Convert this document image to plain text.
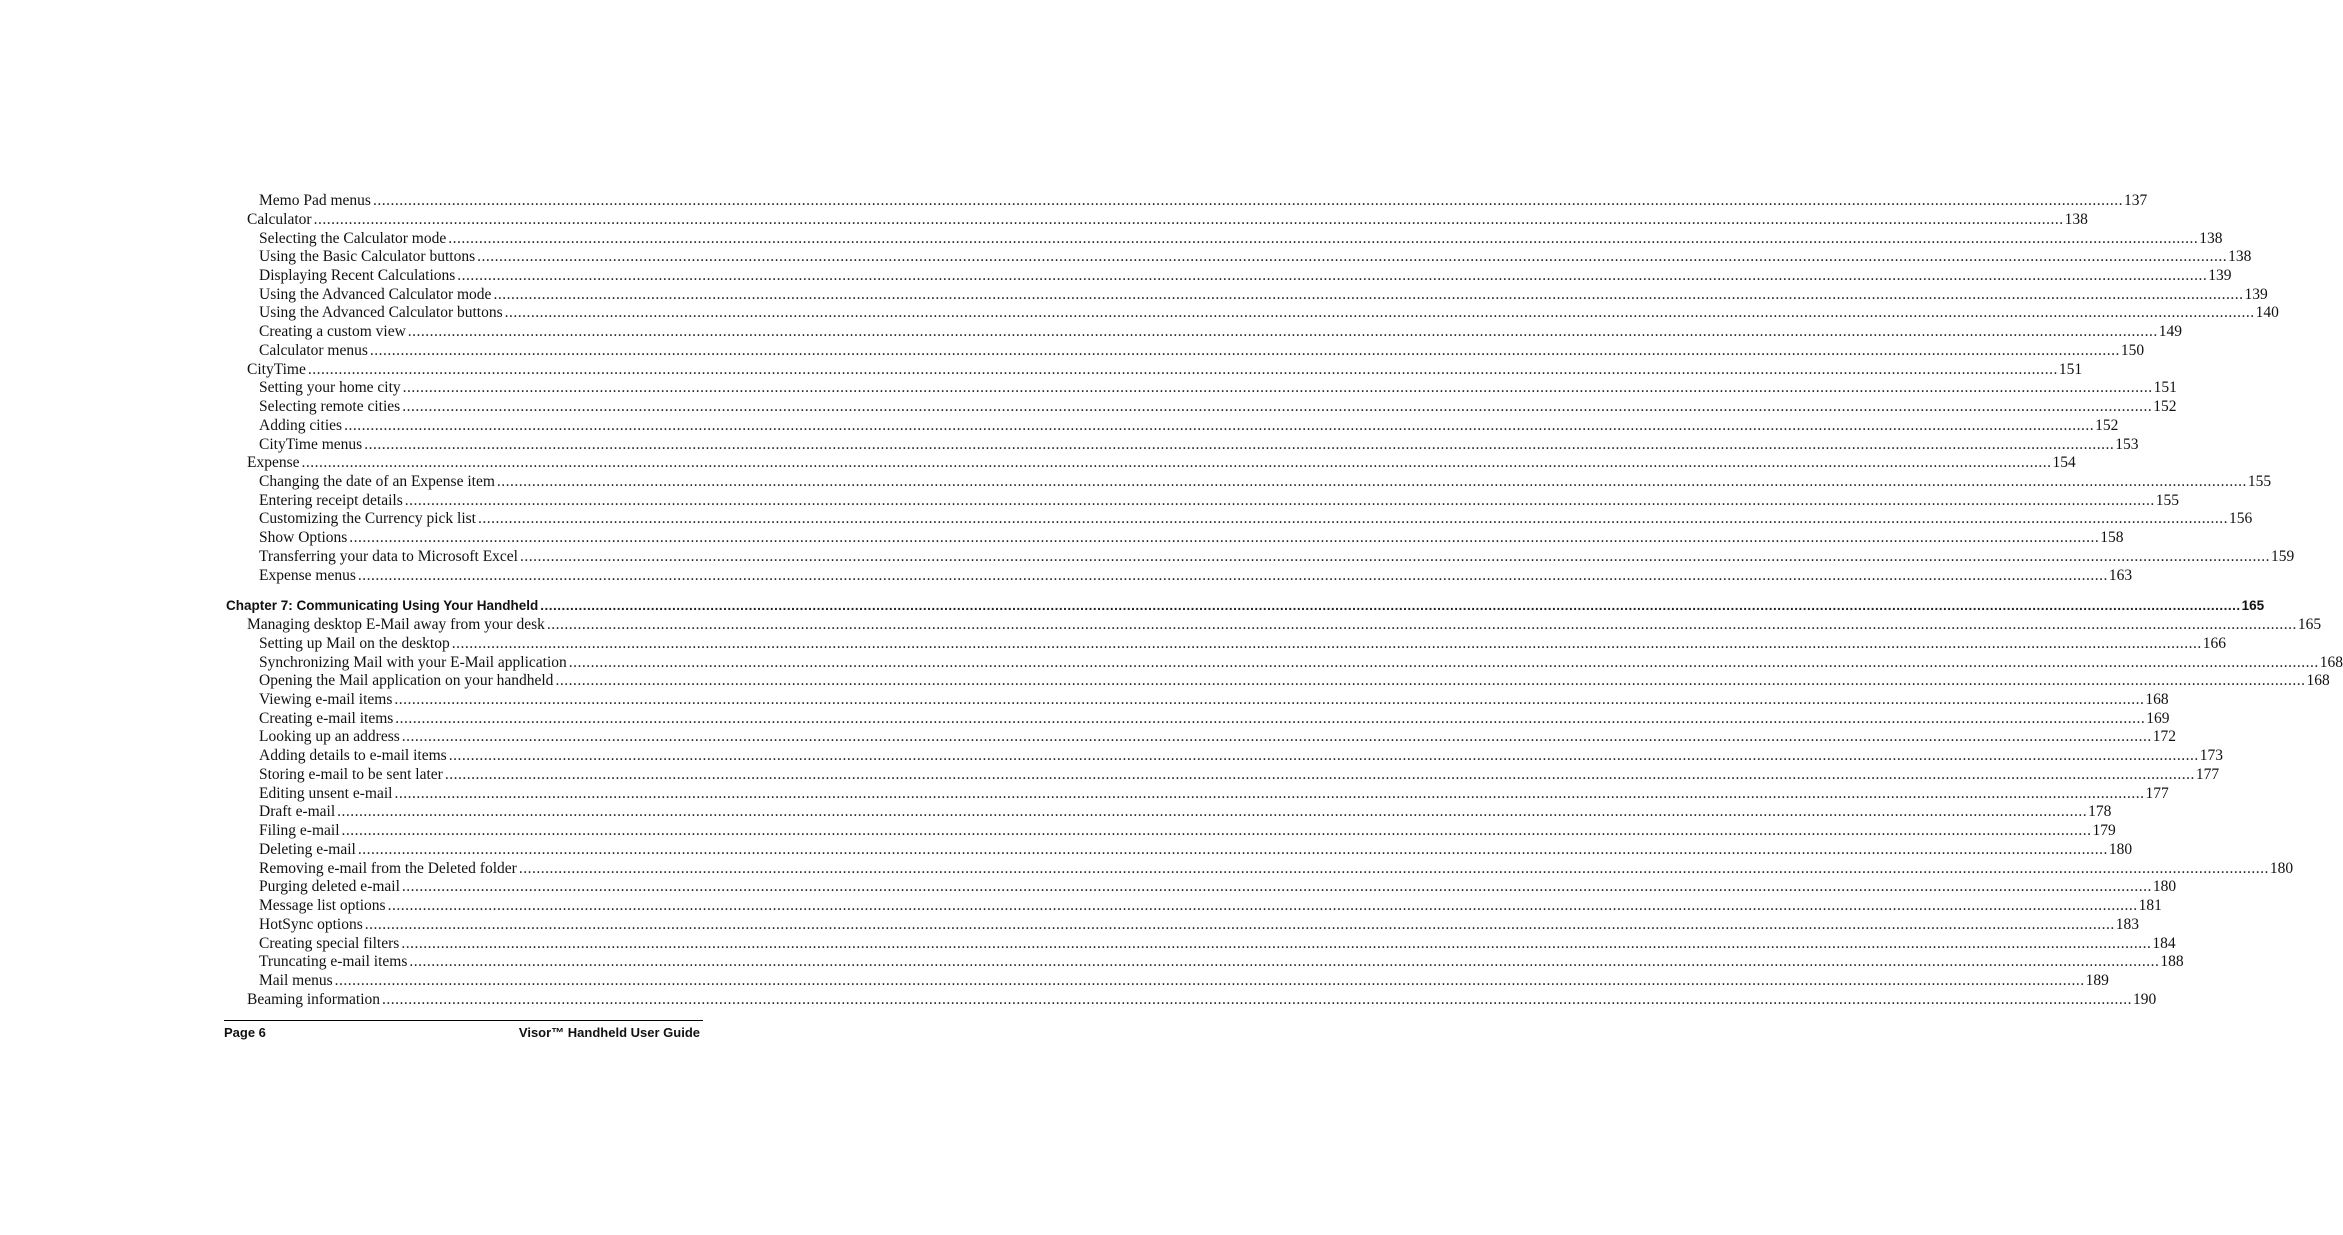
Memo Pad menus ................................................................................................................................................................................................................................................................................................................................................................................................................ 137
Calculator ................................................................................................................................................................................................................................................................................................................................................................................................................ 138
Selecting the Calculator mode ................................................................................................................................................................................................................................................................................................................................................................................................................ 138
Using the Basic Calculator buttons ................................................................................................................................................................................................................................................................................................................................................................................................................ 138
Displaying Recent Calculations ................................................................................................................................................................................................................................................................................................................................................................................................................ 139
Using the Advanced Calculator mode ................................................................................................................................................................................................................................................................................................................................................................................................................ 139
Using the Advanced Calculator buttons ................................................................................................................................................................................................................................................................................................................................................................................................................ 140
Creating a custom view ................................................................................................................................................................................................................................................................................................................................................................................................................ 149
Calculator menus ................................................................................................................................................................................................................................................................................................................................................................................................................ 150
CityTime ................................................................................................................................................................................................................................................................................................................................................................................................................ 151
Setting your home city ................................................................................................................................................................................................................................................................................................................................................................................................................ 151
Selecting remote cities ................................................................................................................................................................................................................................................................................................................................................................................................................ 152
Adding cities ................................................................................................................................................................................................................................................................................................................................................................................................................ 152
CityTime menus ................................................................................................................................................................................................................................................................................................................................................................................................................ 153
Expense ................................................................................................................................................................................................................................................................................................................................................................................................................ 154
Changing the date of an Expense item ................................................................................................................................................................................................................................................................................................................................................................................................................ 155
Entering receipt details ................................................................................................................................................................................................................................................................................................................................................................................................................ 155
Customizing the Currency pick list ................................................................................................................................................................................................................................................................................................................................................................................................................ 156
Show Options ................................................................................................................................................................................................................................................................................................................................................................................................................ 158
Transferring your data to Microsoft Excel ................................................................................................................................................................................................................................................................................................................................................................................................................ 159
Expense menus ................................................................................................................................................................................................................................................................................................................................................................................................................ 163
Chapter 7: Communicating Using Your Handheld ................................................................................................................................................................................................................................................................................................................................................................................................................ 165
Managing desktop E-Mail away from your desk ................................................................................................................................................................................................................................................................................................................................................................................................................ 165
Setting up Mail on the desktop ................................................................................................................................................................................................................................................................................................................................................................................................................ 166
Synchronizing Mail with your E-Mail application ................................................................................................................................................................................................................................................................................................................................................................................................................ 168
Opening the Mail application on your handheld ................................................................................................................................................................................................................................................................................................................................................................................................................ 168
Viewing e-mail items ................................................................................................................................................................................................................................................................................................................................................................................................................ 168
Creating e-mail items ................................................................................................................................................................................................................................................................................................................................................................................................................ 169
Looking up an address ................................................................................................................................................................................................................................................................................................................................................................................................................ 172
Adding details to e-mail items ................................................................................................................................................................................................................................................................................................................................................................................................................ 173
Storing e-mail to be sent later ................................................................................................................................................................................................................................................................................................................................................................................................................ 177
Editing unsent e-mail ................................................................................................................................................................................................................................................................................................................................................................................................................ 177
Draft e-mail ................................................................................................................................................................................................................................................................................................................................................................................................................ 178
Filing e-mail ................................................................................................................................................................................................................................................................................................................................................................................................................ 179
Deleting e-mail ................................................................................................................................................................................................................................................................................................................................................................................................................ 180
Removing e-mail from the Deleted folder ................................................................................................................................................................................................................................................................................................................................................................................................................ 180
Purging deleted e-mail ................................................................................................................................................................................................................................................................................................................................................................................................................ 180
Message list options ................................................................................................................................................................................................................................................................................................................................................................................................................ 181
HotSync options ................................................................................................................................................................................................................................................................................................................................................................................................................ 183
Creating special filters ................................................................................................................................................................................................................................................................................................................................................................................................................ 184
Truncating e-mail items ................................................................................................................................................................................................................................................................................................................................................................................................................ 188
Mail menus ................................................................................................................................................................................................................................................................................................................................................................................................................ 189
Beaming information ................................................................................................................................................................................................................................................................................................................................................................................................................ 190
Page 6	Visor™ Handheld User Guide
